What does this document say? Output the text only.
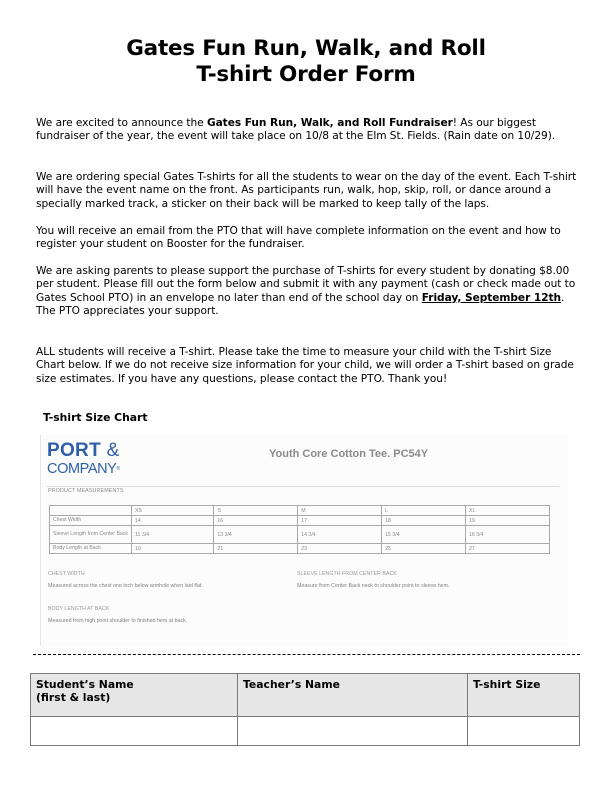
Gates Fun Run, Walk, and Roll
T-shirt Order Form
We are excited to announce the Gates Fun Run, Walk, and Roll Fundraiser! As our biggest fundraiser of the year, the event will take place on 10/8 at the Elm St. Fields. (Rain date on 10/29).
We are ordering special Gates T-shirts for all the students to wear on the day of the event. Each T-shirt will have the event name on the front. As participants run, walk, hop, skip, roll, or dance around a specially marked track, a sticker on their back will be marked to keep tally of the laps.
You will receive an email from the PTO that will have complete information on the event and how to register your student on Booster for the fundraiser.
We are asking parents to please support the purchase of T-shirts for every student by donating $8.00 per student. Please fill out the form below and submit it with any payment (cash or check made out to Gates School PTO) in an envelope no later than end of the school day on Friday, September 12th. The PTO appreciates your support.
ALL students will receive a T-shirt. Please take the time to measure your child with the T-shirt Size Chart below. If we do not receive size information for your child, we will order a T-shirt based on grade size estimates. If you have any questions, please contact the PTO. Thank you!
T-shirt Size Chart
PORT &
COMPANY®
Youth Core Cotton Tee. PC54Y
PRODUCT MEASUREMENTS
	XS	S	M	L	XL
Chest Width	14	16	17	18	19
Sleeve Length from Center Back	11 3/4	13 3/4	14 3/4	15 3/4	16 3/4
Body Length at Back	19	21	23	25	27
CHEST WIDTH
Measured across the chest one inch below armhole when laid flat.
SLEEVE LENGTH FROM CENTER BACK
Measure from Center Back neck to shoulder point to sleeve hem.
BODY LENGTH AT BACK
Measured from high point shoulder to finished hem at back.
Student’s Name
(first & last)	Teacher’s Name	T-shirt Size
